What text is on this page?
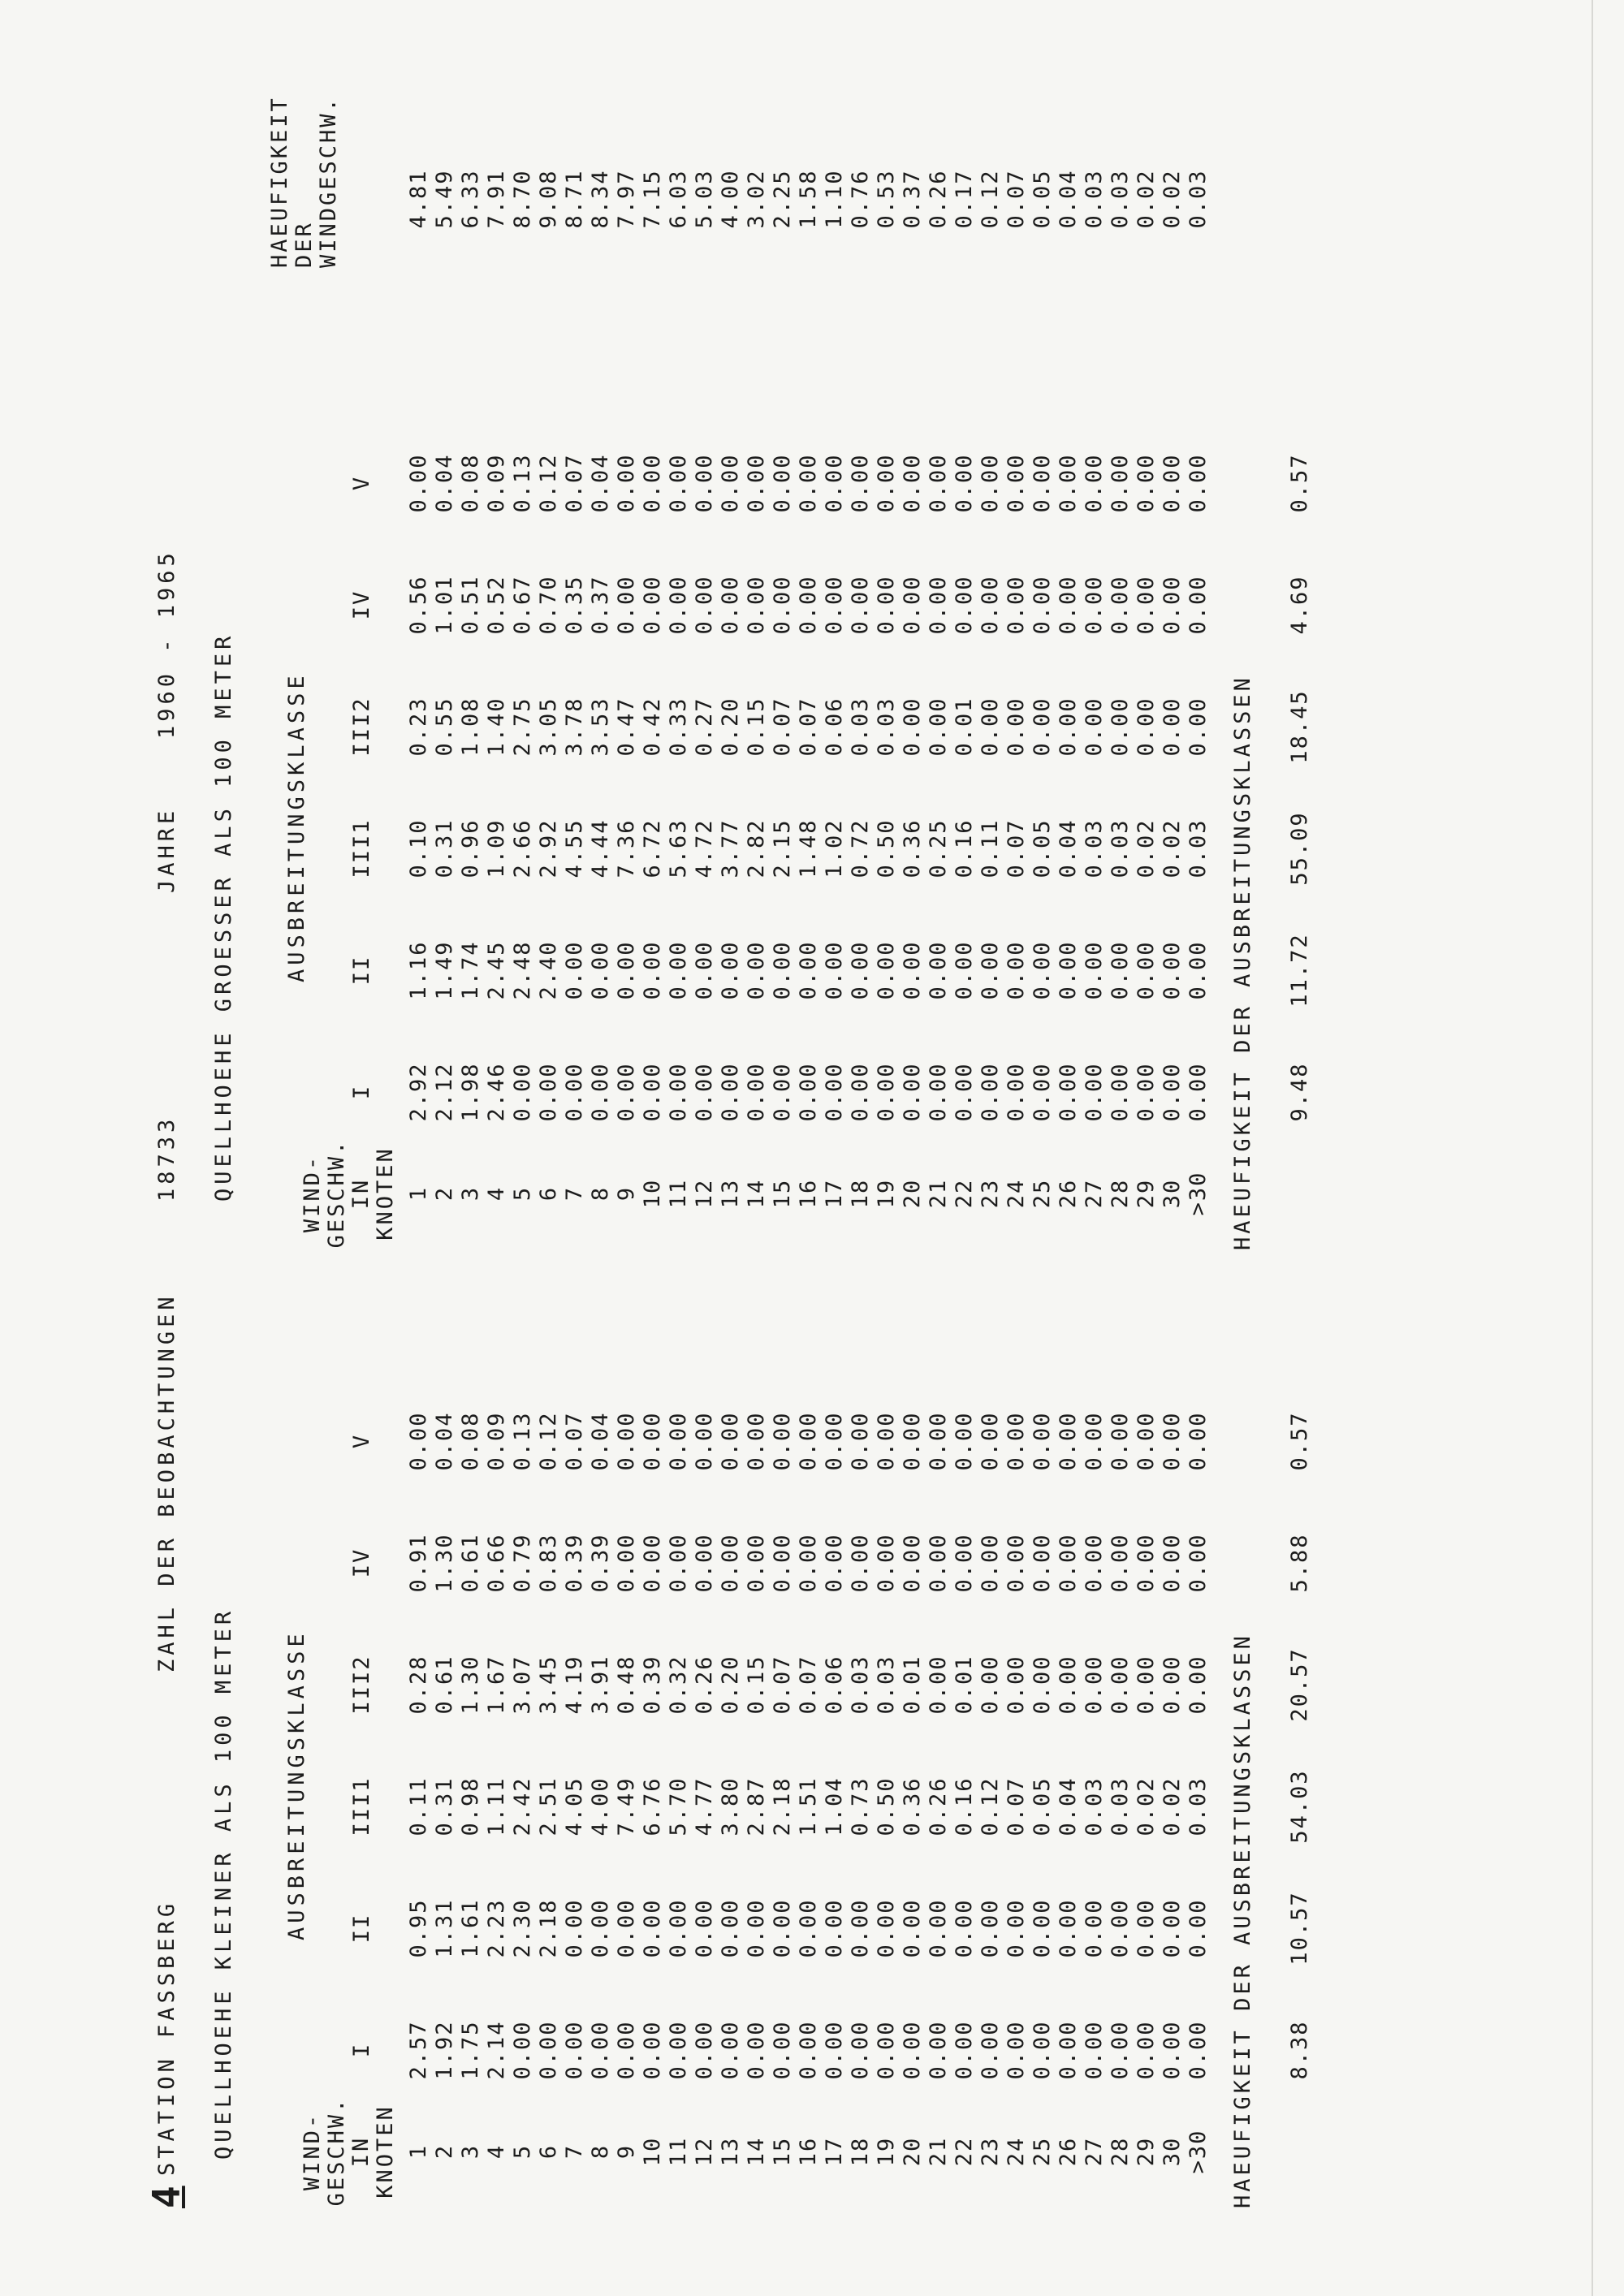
4
STATION FASSBERG
ZAHL DER BEOBACHTUNGEN
18733
JAHRE
1960 - 1965
QUELLHOEHE KLEINER ALS 100 METER AUSBREITUNGSKLASSE
WIND- GESCHW. IN KNOTEN
I
II
III1
III2
IV
V
1
2.57
0.95
0.11
0.28
0.91
0.00
2
1.92
1.31
0.31
0.61
1.30
0.04
3
1.75
1.61
0.98
1.30
0.61
0.08
4
2.14
2.23
1.11
1.67
0.66
0.09
5
0.00
2.30
2.42
3.07
0.79
0.13
6
0.00
2.18
2.51
3.45
0.83
0.12
7
0.00
0.00
4.05
4.19
0.39
0.07
8
0.00
0.00
4.00
3.91
0.39
0.04
9
0.00
0.00
7.49
0.48
0.00
0.00
10
0.00
0.00
6.76
0.39
0.00
0.00
11
0.00
0.00
5.70
0.32
0.00
0.00
12
0.00
0.00
4.77
0.26
0.00
0.00
13
0.00
0.00
3.80
0.20
0.00
0.00
14
0.00
0.00
2.87
0.15
0.00
0.00
15
0.00
0.00
2.18
0.07
0.00
0.00
16
0.00
0.00
1.51
0.07
0.00
0.00
17
0.00
0.00
1.04
0.06
0.00
0.00
18
0.00
0.00
0.73
0.03
0.00
0.00
19
0.00
0.00
0.50
0.03
0.00
0.00
20
0.00
0.00
0.36
0.01
0.00
0.00
21
0.00
0.00
0.26
0.00
0.00
0.00
22
0.00
0.00
0.16
0.01
0.00
0.00
23
0.00
0.00
0.12
0.00
0.00
0.00
24
0.00
0.00
0.07
0.00
0.00
0.00
25
0.00
0.00
0.05
0.00
0.00
0.00
26
0.00
0.00
0.04
0.00
0.00
0.00
27
0.00
0.00
0.03
0.00
0.00
0.00
28
0.00
0.00
0.03
0.00
0.00
0.00
29
0.00
0.00
0.02
0.00
0.00
0.00
30
0.00
0.00
0.02
0.00
0.00
0.00
>30
0.00
0.00
0.03
0.00
0.00
0.00
HAEUFIGKEIT DER AUSBREITUNGSKLASSEN 8.38
10.57
54.03
20.57
5.88
0.57
QUELLHOEHE GROESSER ALS 100 METER AUSBREITUNGSKLASSE
WIND- GESCHW. IN KNOTEN
I
II
III1
III2
IV
V
1
2.92
1.16
0.10
0.23
0.56
0.00
2
2.12
1.49
0.31
0.55
1.01
0.04
3
1.98
1.74
0.96
1.08
0.51
0.08
4
2.46
2.45
1.09
1.40
0.52
0.09
5
0.00
2.48
2.66
2.75
0.67
0.13
6
0.00
2.40
2.92
3.05
0.70
0.12
7
0.00
0.00
4.55
3.78
0.35
0.07
8
0.00
0.00
4.44
3.53
0.37
0.04
9
0.00
0.00
7.36
0.47
0.00
0.00
10
0.00
0.00
6.72
0.42
0.00
0.00
11
0.00
0.00
5.63
0.33
0.00
0.00
12
0.00
0.00
4.72
0.27
0.00
0.00
13
0.00
0.00
3.77
0.20
0.00
0.00
14
0.00
0.00
2.82
0.15
0.00
0.00
15
0.00
0.00
2.15
0.07
0.00
0.00
16
0.00
0.00
1.48
0.07
0.00
0.00
17
0.00
0.00
1.02
0.06
0.00
0.00
18
0.00
0.00
0.72
0.03
0.00
0.00
19
0.00
0.00
0.50
0.03
0.00
0.00
20
0.00
0.00
0.36
0.00
0.00
0.00
21
0.00
0.00
0.25
0.00
0.00
0.00
22
0.00
0.00
0.16
0.01
0.00
0.00
23
0.00
0.00
0.11
0.00
0.00
0.00
24
0.00
0.00
0.07
0.00
0.00
0.00
25
0.00
0.00
0.05
0.00
0.00
0.00
26
0.00
0.00
0.04
0.00
0.00
0.00
27
0.00
0.00
0.03
0.00
0.00
0.00
28
0.00
0.00
0.03
0.00
0.00
0.00
29
0.00
0.00
0.02
0.00
0.00
0.00
30
0.00
0.00
0.02
0.00
0.00
0.00
>30
0.00
0.00
0.03
0.00
0.00
0.00
HAEUFIGKEIT DER AUSBREITUNGSKLASSEN 9.48
11.72
55.09
18.45
4.69
0.57
HAEUFIGKEIT DER WINDGESCHW.	4.81 5.49 6.33 7.91 8.70 9.08 8.71 8.34 7.97 7.15 6.03 5.03 4.00 3.02 2.25 1.58 1.10 0.76 0.53 0.37 0.26 0.17 0.12 0.07 0.05 0.04 0.03 0.03 0.02 0.02 0.03
